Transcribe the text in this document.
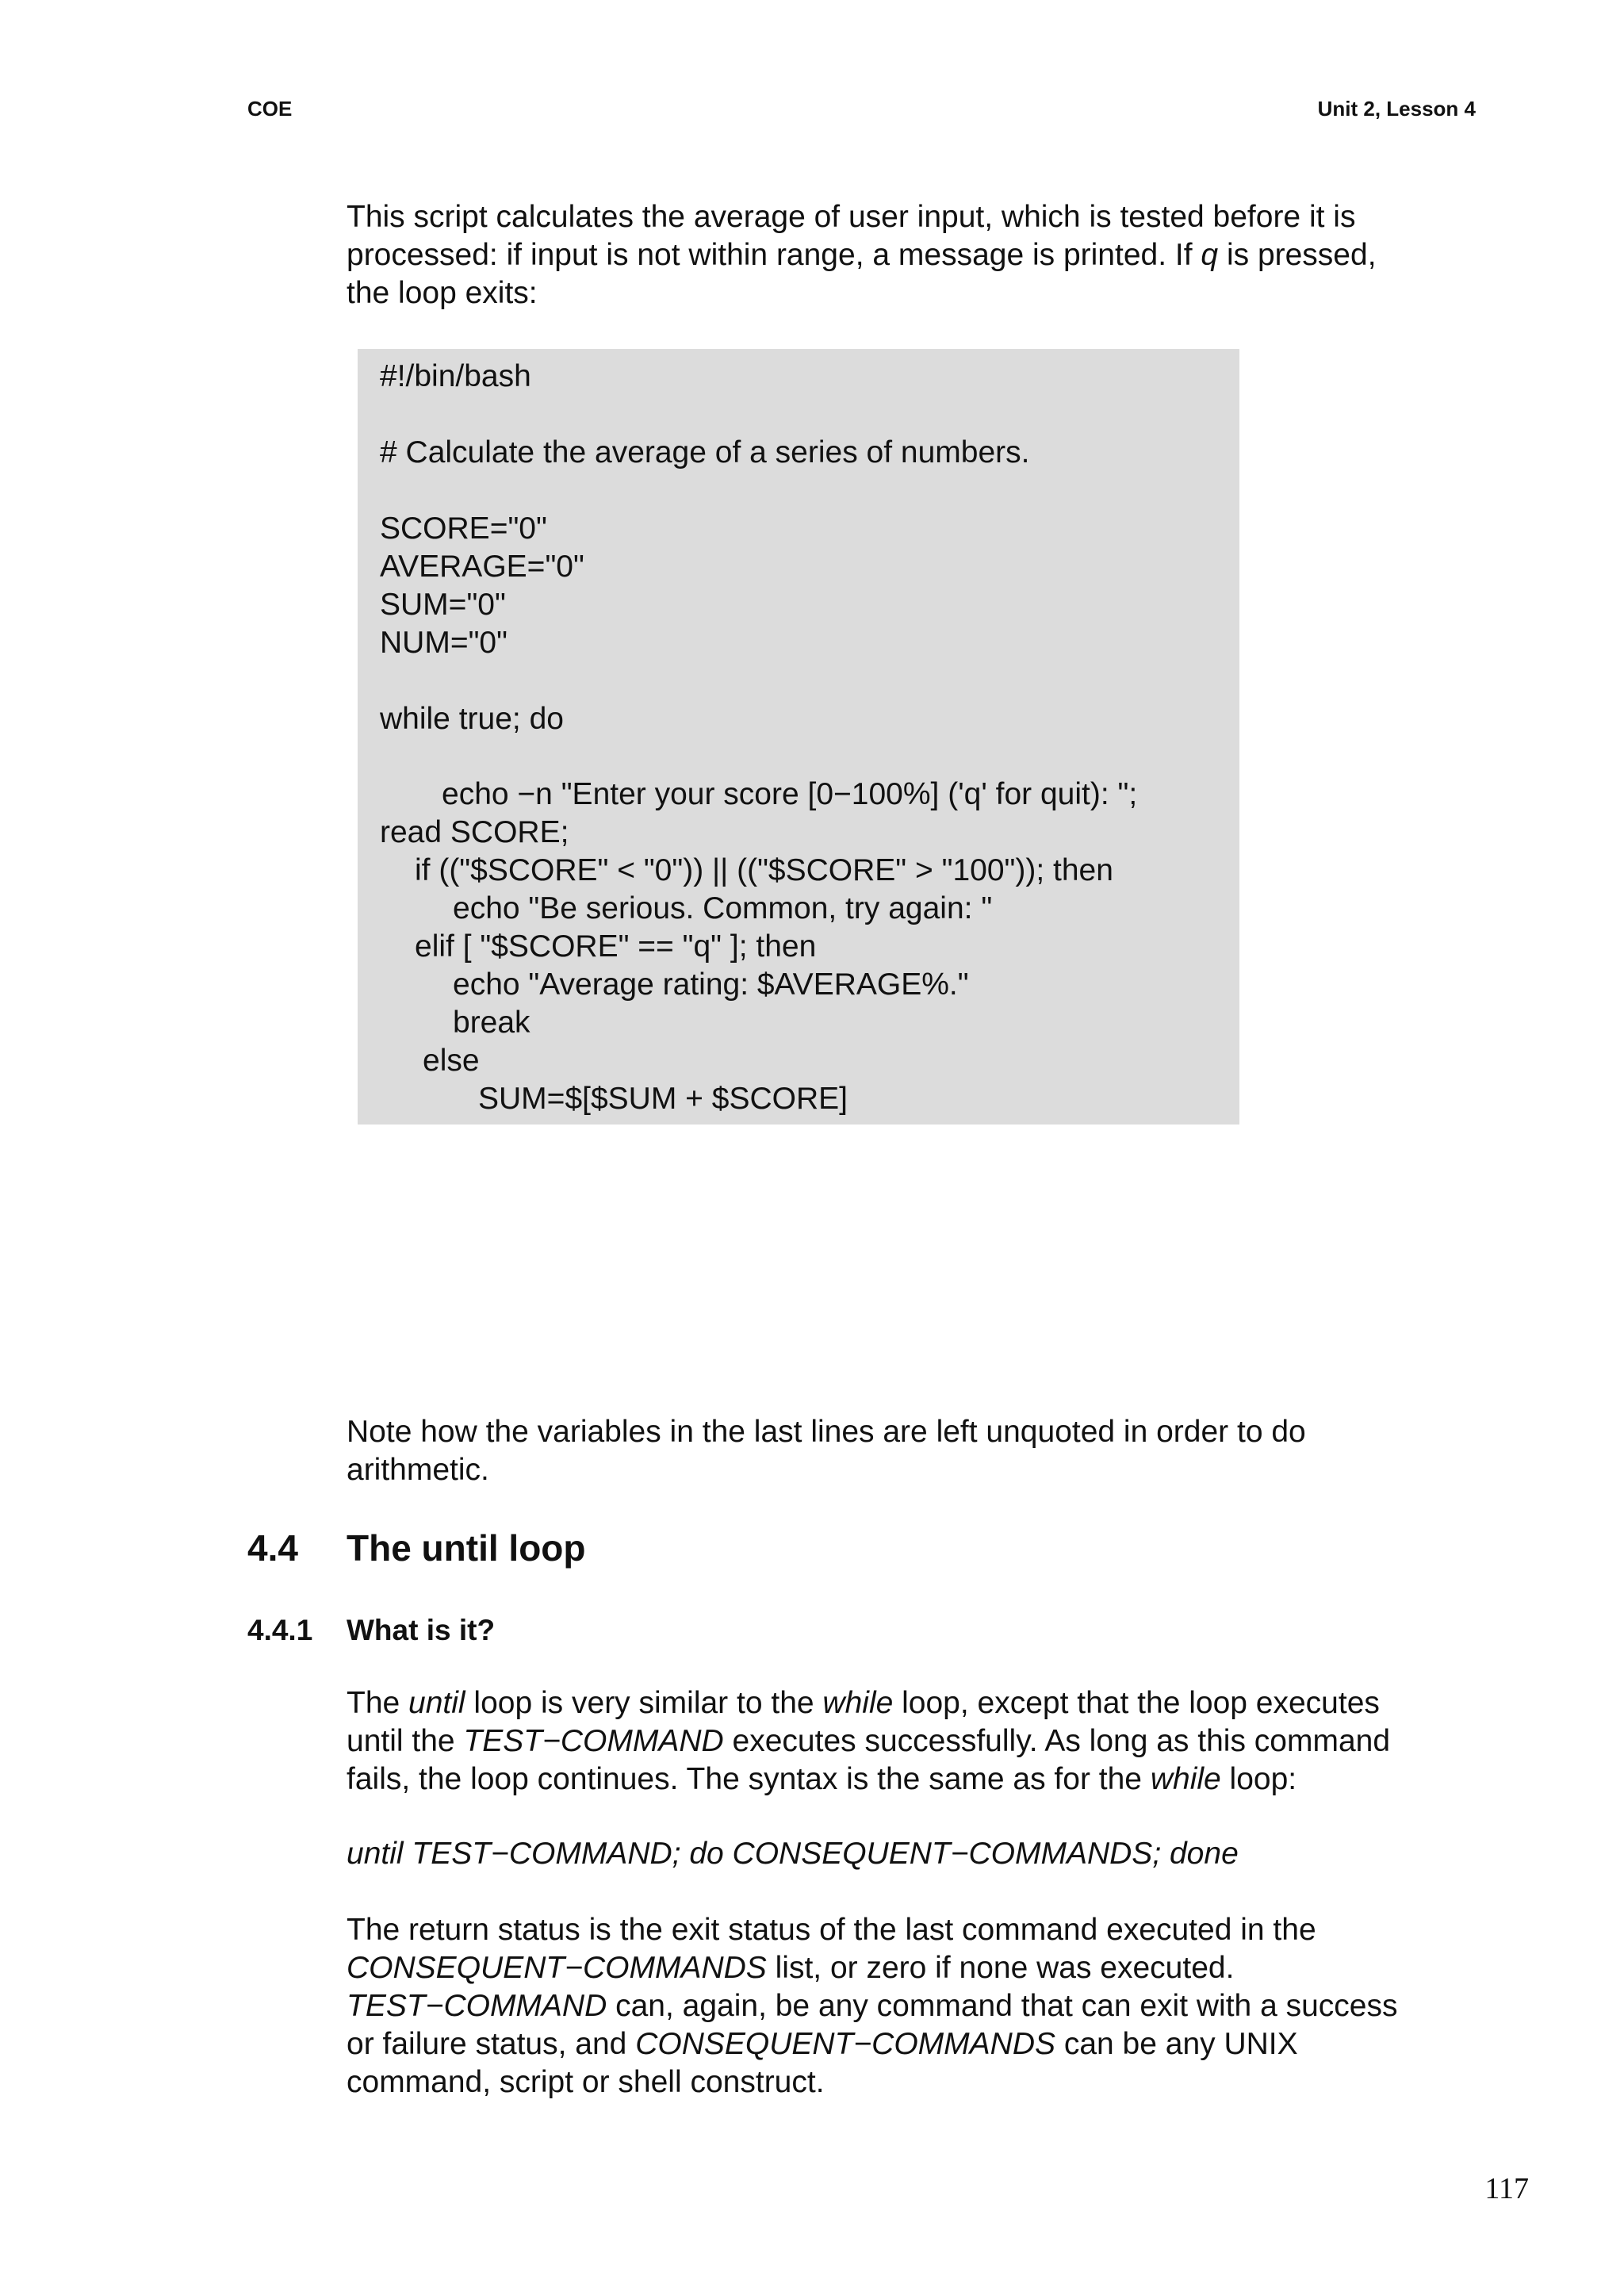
COE	Unit 2, Lesson 4

This script calculates the average of user input, which is tested before it is
processed: if input is not within range, a message is printed. If q is pressed,
the loop exits:

#!/bin/bash
# Calculate the average of a series of numbers.
SCORE="0"
AVERAGE="0"
SUM="0"
NUM="0"
while true; do
echo −n "Enter your score [0−100%] ('q' for quit): ";
read SCORE;
if (("$SCORE" < "0")) || (("$SCORE" > "100")); then
echo "Be serious. Common, try again: "
elif [ "$SCORE" == "q" ]; then
echo "Average rating: $AVERAGE%."
break
else
SUM=$[$SUM + $SCORE]

Note how the variables in the last lines are left unquoted in order to do
arithmetic.

4.4 The until loop
4.4.1 What is it?

The until loop is very similar to the while loop, except that the loop executes
until the TEST−COMMAND executes successfully. As long as this command
fails, the loop continues. The syntax is the same as for the while loop:

until TEST−COMMAND; do CONSEQUENT−COMMANDS; done

The return status is the exit status of the last command executed in the
CONSEQUENT−COMMANDS list, or zero if none was executed.
TEST−COMMAND can, again, be any command that can exit with a success
or failure status, and CONSEQUENT−COMMANDS can be any UNIX
command, script or shell construct.

117
